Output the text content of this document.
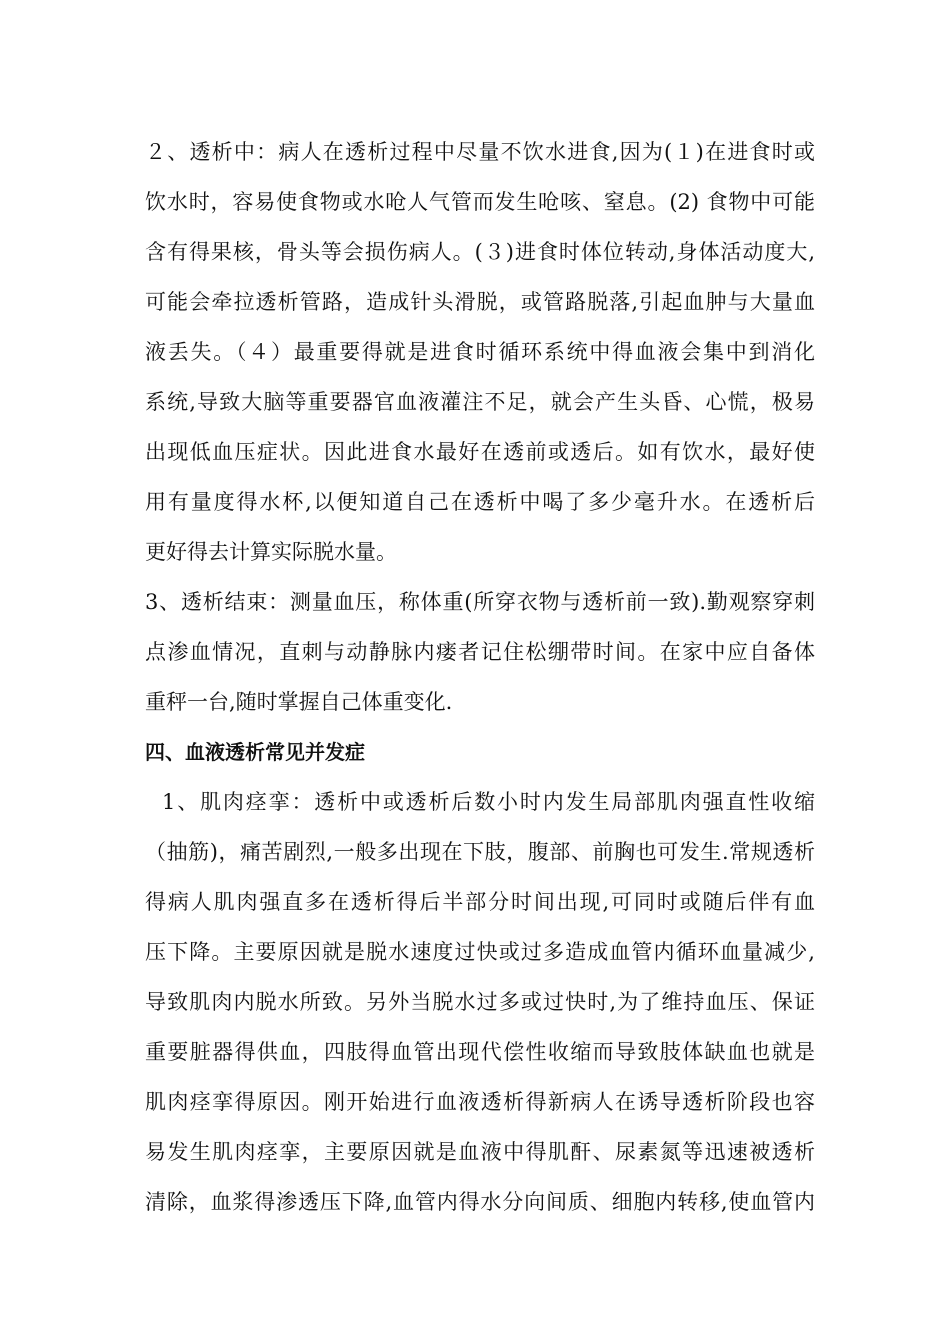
２、透析中：病人在透析过程中尽量不饮水进食,因为(１)在进食时或
饮水时，容易使食物或水呛人气管而发生呛咳、窒息。(2) 食物中可能
含有得果核，骨头等会损伤病人。(３)进食时体位转动,身体活动度大,
可能会牵拉透析管路，造成针头滑脱，或管路脱落,引起血肿与大量血
液丢失。（４）最重要得就是进食时循环系统中得血液会集中到消化
系统,导致大脑等重要器官血液灌注不足，就会产生头昏、心慌，极易
出现低血压症状。因此进食水最好在透前或透后。如有饮水，最好使
用有量度得水杯,以便知道自己在透析中喝了多少毫升水。在透析后
更好得去计算实际脱水量。
3、透析结束：测量血压，称体重(所穿衣物与透析前一致).勤观察穿刺
点渗血情况，直刺与动静脉内瘘者记住松绷带时间。在家中应自备体
重秤一台,随时掌握自己体重变化.
四、血液透析常见并发症
1、肌肉痉挛：透析中或透析后数小时内发生局部肌肉强直性收缩
（抽筋)，痛苦剧烈,一般多出现在下肢，腹部、前胸也可发生.常规透析
得病人肌肉强直多在透析得后半部分时间出现,可同时或随后伴有血
压下降。主要原因就是脱水速度过快或过多造成血管内循环血量减少,
导致肌肉内脱水所致。另外当脱水过多或过快时,为了维持血压、保证
重要脏器得供血，四肢得血管出现代偿性收缩而导致肢体缺血也就是
肌肉痉挛得原因。刚开始进行血液透析得新病人在诱导透析阶段也容
易发生肌肉痉挛，主要原因就是血液中得肌酐、尿素氮等迅速被透析
清除，血浆得渗透压下降,血管内得水分向间质、细胞内转移,使血管内
